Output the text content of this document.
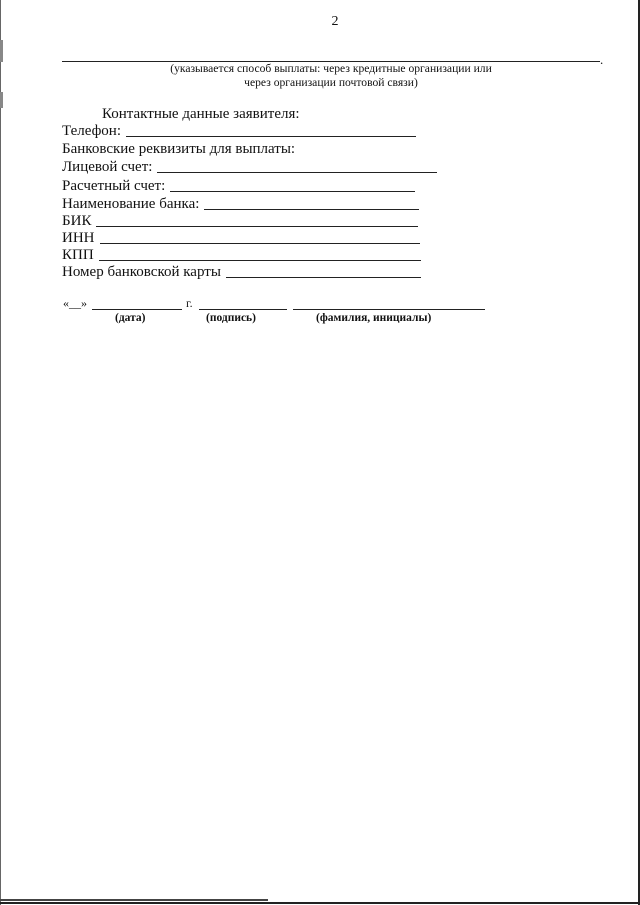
2
.
(указывается способ выплаты: через кредитные организации или
через организации почтовой связи)
Контактные данные заявителя:
Телефон:
Банковские реквизиты для выплаты:
Лицевой счет:
Расчетный счет:
Наименование банка:
БИК
ИНН
КПП
Номер банковской карты
«__»	г.
(дата)	(подпись)	(фамилия, инициалы)
